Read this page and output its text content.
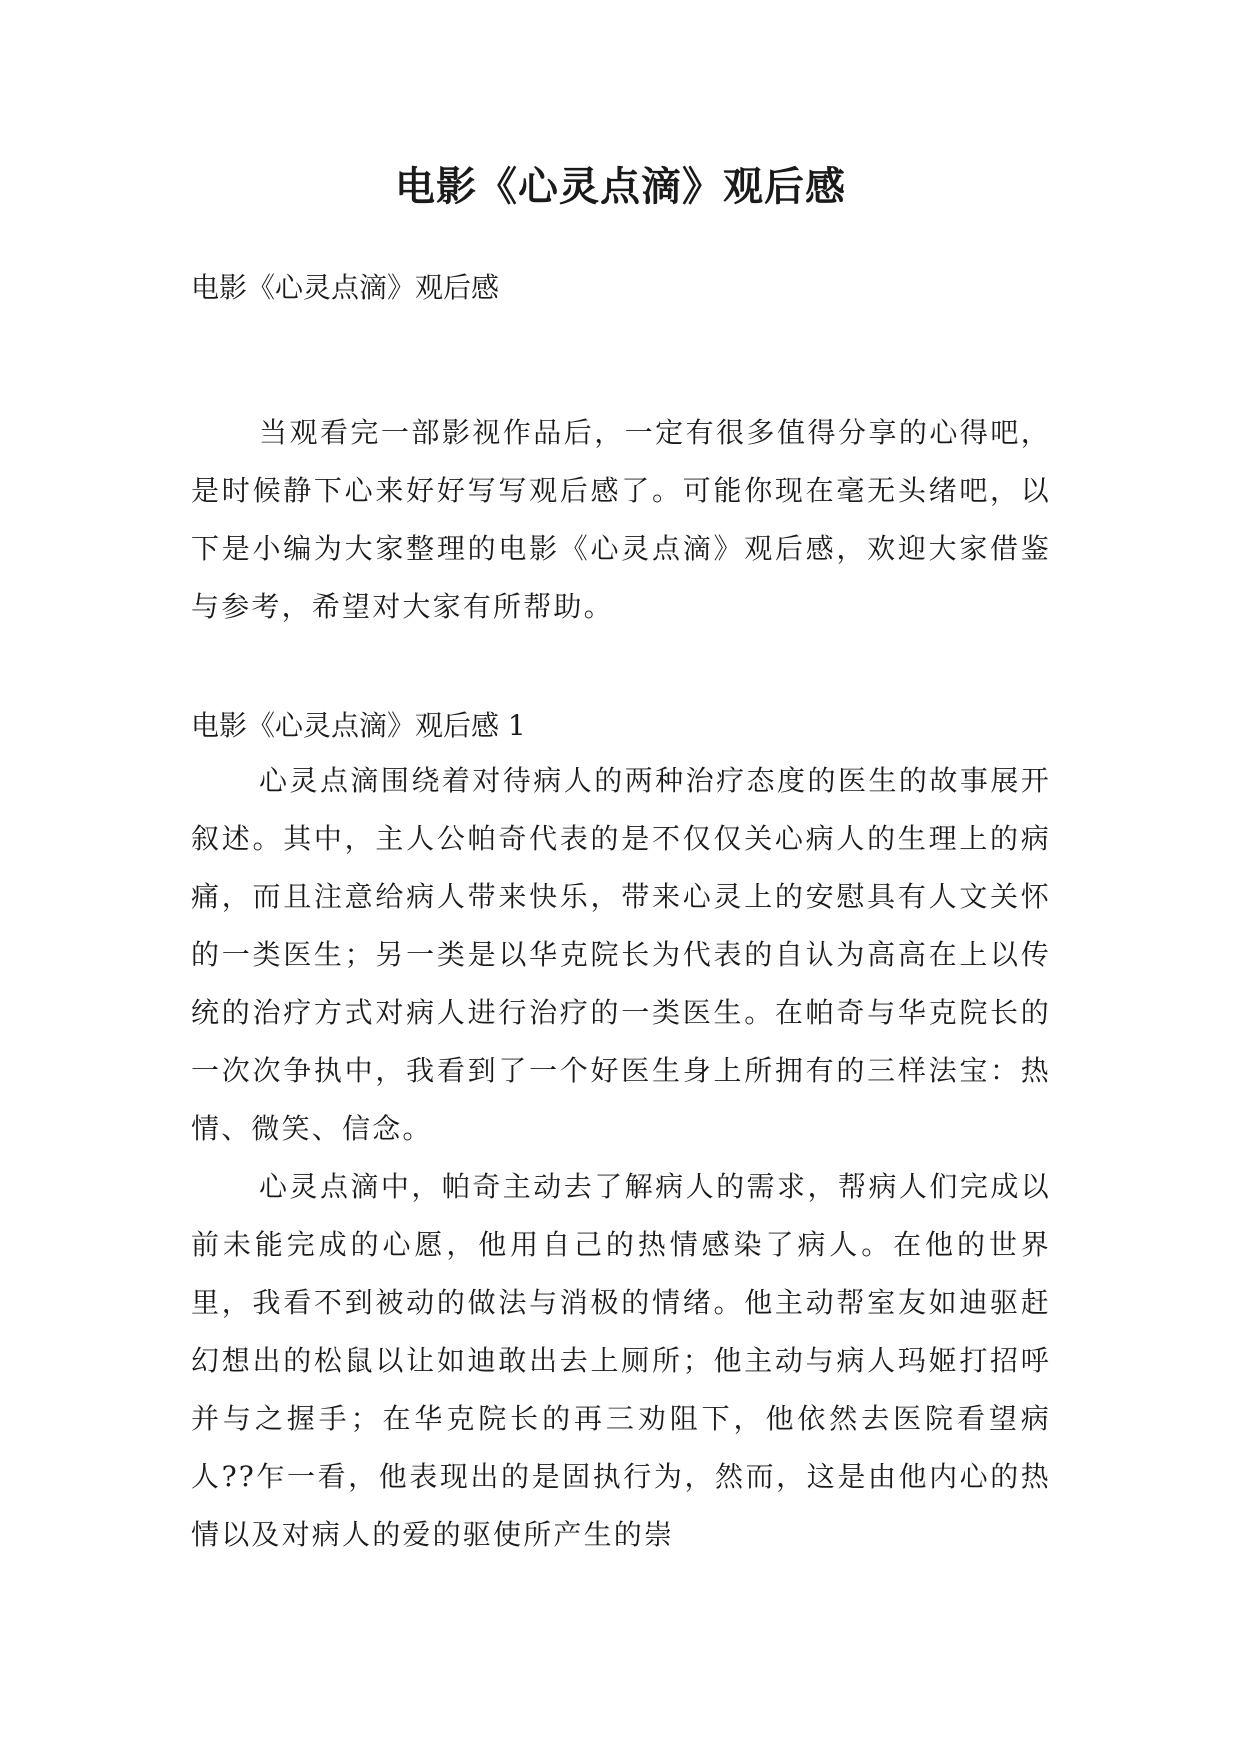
电影《心灵点滴》观后感

电影《心灵点滴》观后感

当观看完一部影视作品后，一定有很多值得分享的心得吧，是时候静下心来好好写写观后感了。可能你现在毫无头绪吧，以下是小编为大家整理的电影《心灵点滴》观后感，欢迎大家借鉴与参考，希望对大家有所帮助。

电影《心灵点滴》观后感 1

心灵点滴围绕着对待病人的两种治疗态度的医生的故事展开叙述。其中，主人公帕奇代表的是不仅仅关心病人的生理上的病痛，而且注意给病人带来快乐，带来心灵上的安慰具有人文关怀的一类医生；另一类是以华克院长为代表的自认为高高在上以传统的治疗方式对病人进行治疗的一类医生。在帕奇与华克院长的一次次争执中，我看到了一个好医生身上所拥有的三样法宝：热情、微笑、信念。

心灵点滴中，帕奇主动去了解病人的需求，帮病人们完成以前未能完成的心愿，他用自己的热情感染了病人。在他的世界里，我看不到被动的做法与消极的情绪。他主动帮室友如迪驱赶幻想出的松鼠以让如迪敢出去上厕所；他主动与病人玛姬打招呼并与之握手；在华克院长的再三劝阻下，他依然去医院看望病人??乍一看，他表现出的是固执行为，然而，这是由他内心的热情以及对病人的爱的驱使所产生的崇
